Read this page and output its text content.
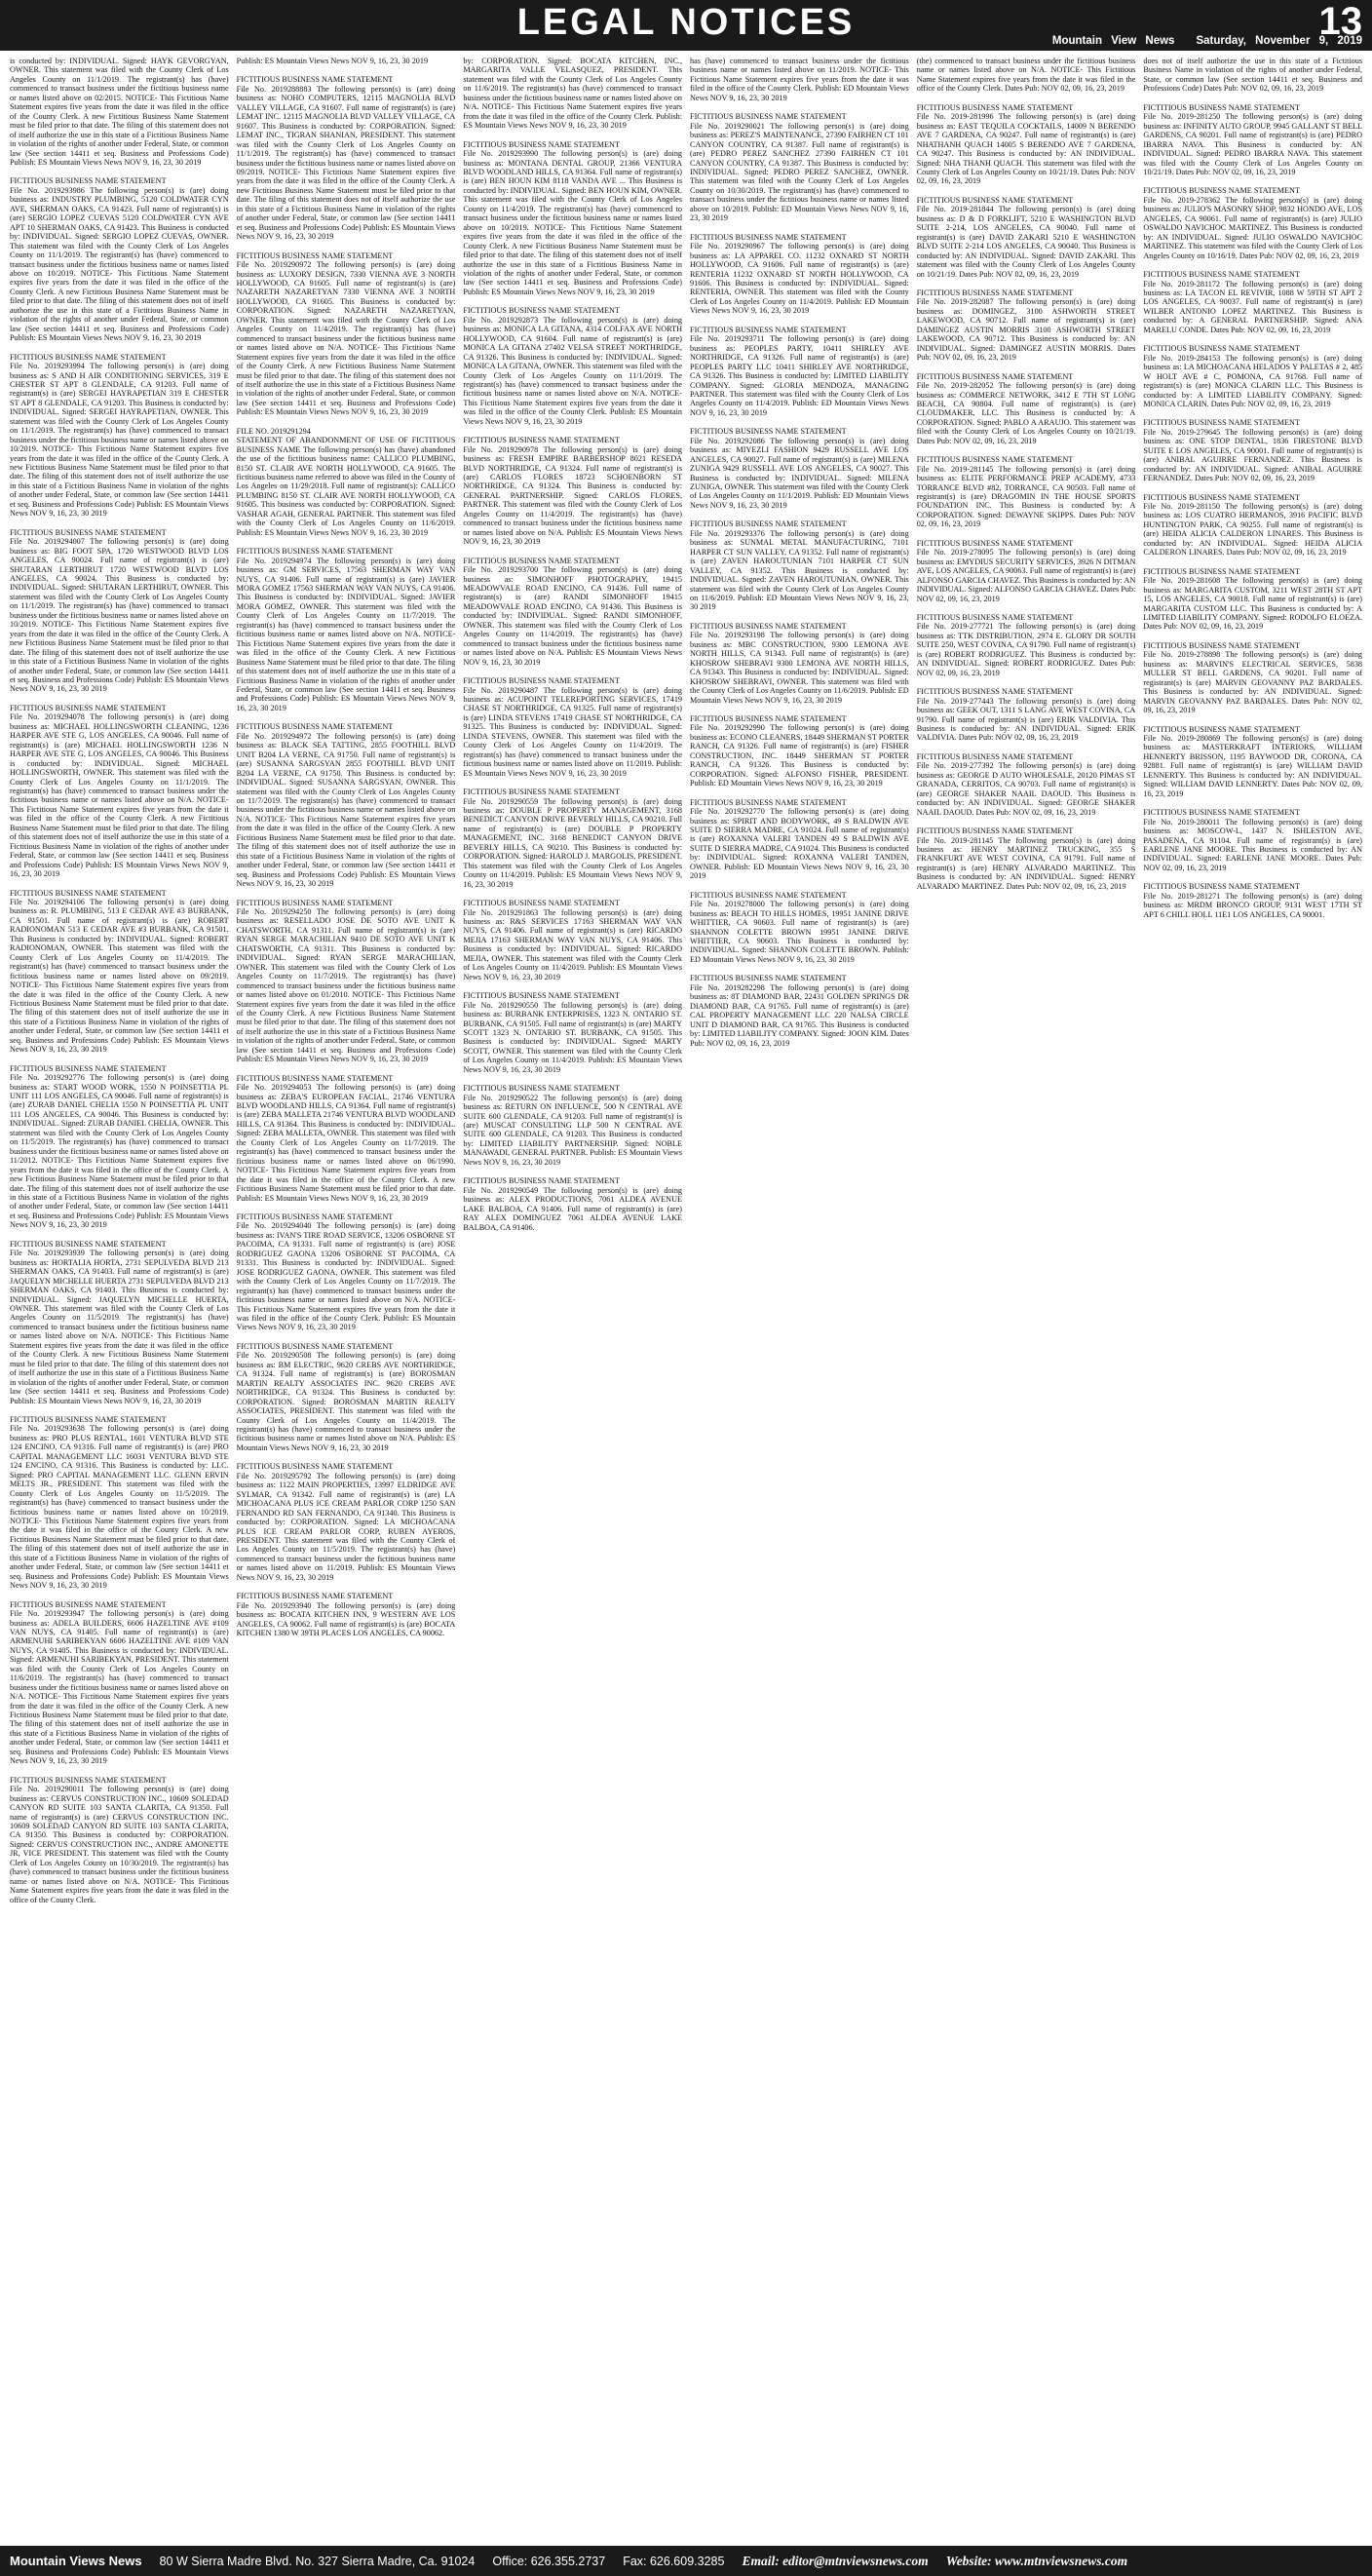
LEGAL NOTICES	13
Mountain View News Saturday, November 9, 2019

is conducted by: INDIVIDUAL. Signed: HAYK GEVORGYAN, OWNER. This statement was filed with the County Clerk of Los Angeles County on 11/1/2019. The registrant(s) has (have) commenced to transact business under the fictitious business name or names listed above on 02/2015. NOTICE- This Fictitious Name Statement expires five years from the date it was filed in the office of the County Clerk. A new Fictitious Business Name Statement must be filed prior to that date. The filing of this statement does not of itself authorize the use in this state of a Fictitious Business Name in violation of the rights of another under Federal, State, or common law (See section 14411 et seq. Business and Professions Code) Publish: ES Mountain Views News NOV 9, 16, 23, 30 2019

FICTITIOUS BUSINESS NAME STATEMENT

File No. 2019293986 The following person(s) is (are) doing business as: INDUSTRY PLUMBING, 5120 COLDWATER CYN AVE, SHERMAN OAKS, CA 91423. Full name of registrant(s) is (are) SERGIO LOPEZ CUEVAS 5120 COLDWATER CYN AVE APT 10 SHERMAN OAKS, CA 91423. This Business is conducted by: INDIVIDUAL. Signed: SERGIO LOPEZ CUEVAS, OWNER. This statement was filed with the County Clerk of Los Angeles County on 11/1/2019. The registrant(s) has (have) commenced to transact business under the fictitious business name or names listed above on 10/2019. NOTICE- This Fictitious Name Statement expires five years from the date it was filed in the office of the County Clerk. A new Fictitious Business Name Statement must be filed prior to that date. The filing of this statement does not of itself authorize the use in this state of a Fictitious Business Name in violation of the rights of another under Federal, State, or common law (See section 14411 et seq. Business and Professions Code) Publish: ES Mountain Views News NOV 9, 16, 23, 30 2019

FICTITIOUS BUSINESS NAME STATEMENT

File No. 2019293994 The following person(s) is (are) doing business as: S AND H AIR CONDITIONING SERVICES, 319 E CHESTER ST APT 8 GLENDALE, CA 91203. Full name of registrant(s) is (are) SERGEI HAYRAPETIAN 319 E CHESTER ST APT 8 GLENDALE, CA 91203. This Business is conducted by: INDIVIDUAL. Signed: SERGEI HAYRAPETIAN, OWNER. This statement was filed with the County Clerk of Los Angeles County on 11/1/2019. The registrant(s) has (have) commenced to transact business under the fictitious business name or names listed above on 10/2019. NOTICE- This Fictitious Name Statement expires five years from the date it was filed in the office of the County Clerk. A new Fictitious Business Name Statement must be filed prior to that date. The filing of this statement does not of itself authorize the use in this state of a Fictitious Business Name in violation of the rights of another under Federal, State, or common law (See section 14411 et seq. Business and Professions Code) Publish: ES Mountain Views News NOV 9, 16, 23, 30 2019

FICTITIOUS BUSINESS NAME STATEMENT

File No. 2019294007 The following person(s) is (are) doing business as: BIG FOOT SPA, 1720 WESTWOOD BLVD LOS ANGELES, CA 90024. Full name of registrant(s) is (are) SHUTARAN LERTHIRUT 1720 WESTWOOD BLVD LOS ANGELES, CA 90024. This Business is conducted by: INDIVIDUAL. Signed: SHUTARAN LERTHIRUT, OWNER. This statement was filed with the County Clerk of Los Angeles County on 11/1/2019. The registrant(s) has (have) commenced to transact business under the fictitious business name or names listed above on 10/2019. NOTICE- This Fictitious Name Statement expires five years from the date it was filed in the office of the County Clerk. A new Fictitious Business Name Statement must be filed prior to that date. The filing of this statement does not of itself authorize the use in this state of a Fictitious Business Name in violation of the rights of another under Federal, State, or common law (See section 14411 et seq. Business and Professions Code) Publish: ES Mountain Views News NOV 9, 16, 23, 30 2019

FICTITIOUS BUSINESS NAME STATEMENT

File No. 2019294078 The following person(s) is (are) doing business as: MICHAEL HOLLINGSWORTH CLEANING, 1236 HARPER AVE STE G, LOS ANGELES, CA 90046. Full name of registrant(s) is (are) MICHAEL HOLLINGSWORTH 1236 N HARPER AVE STE G, LOS ANGELES, CA 90046. This Business is conducted by: INDIVIDUAL. Signed: MICHAEL HOLLINGSWORTH, OWNER. This statement was filed with the County Clerk of Los Angeles County on 11/1/2019. The registrant(s) has (have) commenced to transact business under the fictitious business name or names listed above on N/A. NOTICE- This Fictitious Name Statement expires five years from the date it was filed in the office of the County Clerk. A new Fictitious Business Name Statement must be filed prior to that date. The filing of this statement does not of itself authorize the use in this state of a Fictitious Business Name in violation of the rights of another under Federal, State, or common law (See section 14411 et seq. Business and Professions Code) Publish: ES Mountain Views News NOV 9, 16, 23, 30 2019

FICTITIOUS BUSINESS NAME STATEMENT

File No. 2019294106 The following person(s) is (are) doing business as: R. PLUMBING, 513 E CEDAR AVE #3 BURBANK, CA 91501. Full name of registrant(s) is (are) ROBERT RADIONOMAN 513 E CEDAR AVE #3 BURBANK, CA 91501. This Business is conducted by: INDIVIDUAL. Signed: ROBERT RADIONOMAN, OWNER. This statement was filed with the County Clerk of Los Angeles County on 11/4/2019. The registrant(s) has (have) commenced to transact business under the fictitious business name or names listed above on 09/2019. NOTICE- This Fictitious Name Statement expires five years from the date it was filed in the office of the County Clerk. A new Fictitious Business Name Statement must be filed prior to that date. The filing of this statement does not of itself authorize the use in this state of a Fictitious Business Name in violation of the rights of another under Federal, State, or common law (See section 14411 et seq. Business and Professions Code) Publish: ES Mountain Views News NOV 9, 16, 23, 30 2019

FICTITIOUS BUSINESS NAME STATEMENT

File No. 2019292776 The following person(s) is (are) doing business as: START WOOD WORK, 1550 N POINSETTIA PL UNIT 111 LOS ANGELES, CA 90046. Full name of registrant(s) is (are) ZURAB DANIEL CHELIA 1550 N POINSETTIA PL UNIT 111 LOS ANGELES, CA 90046. This Business is conducted by: INDIVIDUAL. Signed: ZURAB DANIEL CHELIA, OWNER. This statement was filed with the County Clerk of Los Angeles County on 11/5/2019. The registrant(s) has (have) commenced to transact business under the fictitious business name or names listed above on 11/2012. NOTICE- This Fictitious Name Statement expires five years from the date it was filed in the office of the County Clerk. A new Fictitious Business Name Statement must be filed prior to that date. The filing of this statement does not of itself authorize the use in this state of a Fictitious Business Name in violation of the rights of another under Federal, State, or common law (See section 14411 et seq. Business and Professions Code) Publish: ES Mountain Views News NOV 9, 16, 23, 30 2019

FICTITIOUS BUSINESS NAME STATEMENT

File No. 2019293939 The following person(s) is (are) doing business as: HORTALIA HORTA, 2731 SEPULVEDA BLVD 213 SHERMAN OAKS, CA 91403. Full name of registrant(s) is (are) JAQUELYN MICHELLE HUERTA 2731 SEPULVEDA BLVD 213 SHERMAN OAKS, CA 91403. This Business is conducted by: INDIVIDUAL. Signed: JAQUELYN MICHELLE HUERTA, OWNER. This statement was filed with the County Clerk of Los Angeles County on 11/5/2019. The registrant(s) has (have) commenced to transact business under the fictitious business name or names listed above on N/A. NOTICE- This Fictitious Name Statement expires five years from the date it was filed in the office of the County Clerk. A new Fictitious Business Name Statement must be filed prior to that date. The filing of this statement does not of itself authorize the use in this state of a Fictitious Business Name in violation of the rights of another under Federal, State, or common law (See section 14411 et seq. Business and Professions Code) Publish: ES Mountain Views News NOV 9, 16, 23, 30 2019

FICTITIOUS BUSINESS NAME STATEMENT

File No. 2019293638 The following person(s) is (are) doing business as: PRO PLUS RENTAL, 1601 VENTURA BLVD STE 124 ENCINO, CA 91316. Full name of registrant(s) is (are) PRO CAPITAL MANAGEMENT LLC 16031 VENTURA BLVD STE 124 ENCINO, CA 91316. This Business is conducted by: LLC. Signed: PRO CAPITAL MANAGEMENT LLC. GLENN ERVIN MELTS JR., PRESIDENT. This statement was filed with the County Clerk of Los Angeles County on 11/5/2019. The registrant(s) has (have) commenced to transact business under the fictitious business name or names listed above on 10/2019. NOTICE- This Fictitious Name Statement expires five years from the date it was filed in the office of the County Clerk. A new Fictitious Business Name Statement must be filed prior to that date. The filing of this statement does not of itself authorize the use in this state of a Fictitious Business Name in violation of the rights of another under Federal, State, or common law (See section 14411 et seq. Business and Professions Code) Publish: ES Mountain Views News NOV 9, 16, 23, 30 2019

FICTITIOUS BUSINESS NAME STATEMENT

File No. 2019293947 The following person(s) is (are) doing business as: ADELA BUILDERS, 6606 HAZELTINE AVE #109 VAN NUYS, CA 91405. Full name of registrant(s) is (are) ARMENUHI SARIBEKYAN 6606 HAZELTINE AVE #109 VAN NUYS, CA 91405. This Business is conducted by: INDIVIDUAL. Signed: ARMENUHI SARIBEKYAN, PRESIDENT. This statement was filed with the County Clerk of Los Angeles County on 11/6/2019. The registrant(s) has (have) commenced to transact business under the fictitious business name or names listed above on N/A. NOTICE- This Fictitious Name Statement expires five years from the date it was filed in the office of the County Clerk. A new Fictitious Business Name Statement must be filed prior to that date. The filing of this statement does not of itself authorize the use in this state of a Fictitious Business Name in violation of the rights of another under Federal, State, or common law (See section 14411 et seq. Business and Professions Code) Publish: ES Mountain Views News NOV 9, 16, 23, 30 2019

FICTITIOUS BUSINESS NAME STATEMENT

File No. 2019290011 The following person(s) is (are) doing business as: CERVUS CONSTRUCTION INC., 10609 SOLEDAD CANYON RD SUITE 103 SANTA CLARITA, CA 91350. Full name of registrant(s) is (are) CERVUS CONSTRUCTION INC. 10609 SOLEDAD CANYON RD SUITE 103 SANTA CLARITA, CA 91350. This Business is conducted by: CORPORATION. Signed: CERVUS CONSTRUCTION INC., ANDRE AMONETTE JR, VICE PRESIDENT. This statement was filed with the County Clerk of Los Angeles County on 10/30/2019. The registrant(s) has (have) commenced to transact business under the fictitious business name or names listed above on N/A. NOTICE- This Fictitious Name Statement expires five years from the date it was filed in the office of the County Clerk.

Publish: ES Mountain Views News NOV 9, 16, 23, 30 2019

FICTITIOUS BUSINESS NAME STATEMENT

File No. 2019288883 The following person(s) is (are) doing business as: NOHO COMPUTERS, 12115 MAGNOLIA BLVD VALLEY VILLAGE, CA 91607. Full name of registrant(s) is (are) LEMAT INC. 12115 MAGNOLIA BLVD VALLEY VILLAGE, CA 91607. This Business is conducted by: CORPORATION. Signed: LEMAT INC., TIGRAN SHANIAN, PRESIDENT. This statement was filed with the County Clerk of Los Angeles County on 11/1/2019. The registrant(s) has (have) commenced to transact business under the fictitious business name or names listed above on 09/2019. NOTICE- This Fictitious Name Statement expires five years from the date it was filed in the office of the County Clerk. A new Fictitious Business Name Statement must be filed prior to that date. The filing of this statement does not of itself authorize the use in this state of a Fictitious Business Name in violation of the rights of another under Federal, State, or common law (See section 14411 et seq. Business and Professions Code) Publish: ES Mountain Views News NOV 9, 16, 23, 30 2019

FICTITIOUS BUSINESS NAME STATEMENT

File No. 2019290972 The following person(s) is (are) doing business as: LUXORY DESIGN, 7330 VIENNA AVE 3 NORTH HOLLYWOOD, CA 91605. Full name of registrant(s) is (are) NAZARETH NAZARETYAN 7330 VIENNA AVE 3 NORTH HOLLYWOOD, CA 91605. This Business is conducted by: CORPORATION. Signed: NAZARETH NAZARETYAN, OWNER. This statement was filed with the County Clerk of Los Angeles County on 11/4/2019. The registrant(s) has (have) commenced to transact business under the fictitious business name or names listed above on N/A. NOTICE- This Fictitious Name Statement expires five years from the date it was filed in the office of the County Clerk. A new Fictitious Business Name Statement must be filed prior to that date. The filing of this statement does not of itself authorize the use in this state of a Fictitious Business Name in violation of the rights of another under Federal, State, or common law (See section 14411 et seq. Business and Professions Code) Publish: ES Mountain Views News NOV 9, 16, 23, 30 2019

FILE NO. 2019291294

STATEMENT OF ABANDONMENT OF USE OF FICTITIOUS BUSINESS NAME The following person(s) has (have) abandoned the use of the fictitious business name: CALLICO PLUMBING, 8150 ST. CLAIR AVE NORTH HOLLYWOOD, CA 91605. The fictitious business name referred to above was filed in the County of Los Angeles on 11/29/2018. Full name of registrant(s): CALLICO PLUMBING 8150 ST. CLAIR AVE NORTH HOLLYWOOD, CA 91605. This business was conducted by: CORPORATION. Signed: VASHAR AGAH, GENERAL PARTNER. This statement was filed with the County Clerk of Los Angeles County on 11/6/2019. Publish: ES Mountain Views News NOV 9, 16, 23, 30 2019

FICTITIOUS BUSINESS NAME STATEMENT

File No. 2019294974 The following person(s) is (are) doing business as: GM SERVICES, 17563 SHERMAN WAY VAN NUYS, CA 91406. Full name of registrant(s) is (are) JAVIER MORA GOMEZ 17563 SHERMAN WAY VAN NUYS, CA 91406. This Business is conducted by: INDIVIDUAL. Signed: JAVIER MORA GOMEZ, OWNER. This statement was filed with the County Clerk of Los Angeles County on 11/7/2019. The registrant(s) has (have) commenced to transact business under the fictitious business name or names listed above on N/A. NOTICE- This Fictitious Name Statement expires five years from the date it was filed in the office of the County Clerk. A new Fictitious Business Name Statement must be filed prior to that date. The filing of this statement does not of itself authorize the use in this state of a Fictitious Business Name in violation of the rights of another under Federal, State, or common law (See section 14411 et seq. Business and Professions Code) Publish: ES Mountain Views News NOV 9, 16, 23, 30 2019

FICTITIOUS BUSINESS NAME STATEMENT

File No. 2019294972 The following person(s) is (are) doing business as: BLACK SEA TATTING, 2855 FOOTHILL BLVD UNIT B204 LA VERNE, CA 91750. Full name of registrant(s) is (are) SUSANNA SARGSYAN 2855 FOOTHILL BLVD UNIT B204 LA VERNE, CA 91750. This Business is conducted by: INDIVIDUAL. Signed: SUSANNA SARGSYAN, OWNER. This statement was filed with the County Clerk of Los Angeles County on 11/7/2019. The registrant(s) has (have) commenced to transact business under the fictitious business name or names listed above on N/A. NOTICE- This Fictitious Name Statement expires five years from the date it was filed in the office of the County Clerk. A new Fictitious Business Name Statement must be filed prior to that date. The filing of this statement does not of itself authorize the use in this state of a Fictitious Business Name in violation of the rights of another under Federal, State, or common law (See section 14411 et seq. Business and Professions Code) Publish: ES Mountain Views News NOV 9, 16, 23, 30 2019

FICTITIOUS BUSINESS NAME STATEMENT

File No. 2019294250 The following person(s) is (are) doing business as: RESELLADO JOSE DE SOTO AVE UNIT K CHATSWORTH, CA 91311. Full name of registrant(s) is (are) RYAN SERGE MARACHILIAN 9410 DE SOTO AVE UNIT K CHATSWORTH, CA 91311. This Business is conducted by: INDIVIDUAL. Signed: RYAN SERGE MARACHILIAN, OWNER. This statement was filed with the County Clerk of Los Angeles County on 11/7/2019. The registrant(s) has (have) commenced to transact business under the fictitious business name or names listed above on 01/2010. NOTICE- This Fictitious Name Statement expires five years from the date it was filed in the office of the County Clerk. A new Fictitious Business Name Statement must be filed prior to that date. The filing of this statement does not of itself authorize the use in this state of a Fictitious Business Name in violation of the rights of another under Federal, State, or common law (See section 14411 et seq. Business and Professions Code) Publish: ES Mountain Views News NOV 9, 16, 23, 30 2019

FICTITIOUS BUSINESS NAME STATEMENT

File No. 2019294053 The following person(s) is (are) doing business as: ZEBA'S EUROPEAN FACIAL, 21746 VENTURA BLVD WOODLAND HILLS, CA 91364. Full name of registrant(s) is (are) ZEBA MALLETA 21746 VENTURA BLVD WOODLAND HILLS, CA 91364. This Business is conducted by: INDIVIDUAL. Signed: ZEBA MALLETA, OWNER. This statement was filed with the County Clerk of Los Angeles County on 11/7/2019. The registrant(s) has (have) commenced to transact business under the fictitious business name or names listed above on 06/1990. NOTICE- This Fictitious Name Statement expires five years from the date it was filed in the office of the County Clerk. A new Fictitious Business Name Statement must be filed prior to that date. Publish: ES Mountain Views News NOV 9, 16, 23, 30 2019

FICTITIOUS BUSINESS NAME STATEMENT

File No. 2019294040 The following person(s) is (are) doing business as: IVAN'S TIRE ROAD SERVICE, 13206 OSBORNE ST PACOIMA, CA 91331. Full name of registrant(s) is (are) JOSE RODRIGUEZ GAONA 13206 OSBORNE ST PACOIMA, CA 91331. This Business is conducted by: INDIVIDUAL. Signed: JOSE RODRIGUEZ GAONA, OWNER. This statement was filed with the County Clerk of Los Angeles County on 11/7/2019. The registrant(s) has (have) commenced to transact business under the fictitious business name or names listed above on N/A. NOTICE- This Fictitious Name Statement expires five years from the date it was filed in the office of the County Clerk. Publish: ES Mountain Views News NOV 9, 16, 23, 30 2019

FICTITIOUS BUSINESS NAME STATEMENT

File No. 2019290508 The following person(s) is (are) doing business as: BM ELECTRIC, 9620 CREBS AVE NORTHRIDGE, CA 91324. Full name of registrant(s) is (are) BOROSMAN MARTIN REALTY ASSOCIATES INC. 9620 CREBS AVE NORTHRIDGE, CA 91324. This Business is conducted by: CORPORATION. Signed: BOROSMAN MARTIN REALTY ASSOCIATES, PRESIDENT. This statement was filed with the County Clerk of Los Angeles County on 11/4/2019. The registrant(s) has (have) commenced to transact business under the fictitious business name or names listed above on N/A. Publish: ES Mountain Views News NOV 9, 16, 23, 30 2019

FICTITIOUS BUSINESS NAME STATEMENT

File No. 2019295792 The following person(s) is (are) doing business as: 1122 MAIN PROPERTIES, 13997 ELDRIDGE AVE SYLMAR, CA 91342. Full name of registrant(s) is (are) LA MICHOACANA PLUS ICE CREAM PARLOR CORP 1250 SAN FERNANDO RD SAN FERNANDO, CA 91340. This Business is conducted by: CORPORATION. Signed: LA MICHOACANA PLUS ICE CREAM PARLOR CORP, RUBEN AYEROS, PRESIDENT. This statement was filed with the County Clerk of Los Angeles County on 11/5/2019. The registrant(s) has (have) commenced to transact business under the fictitious business name or names listed above on 11/2019. Publish: ES Mountain Views News NOV 9, 16, 23, 30 2019

FICTITIOUS BUSINESS NAME STATEMENT

File No. 2019293940 The following person(s) is (are) doing business as: BOCATA KITCHEN INN, 9 WESTERN AVE LOS ANGELES, CA 90062. Full name of registrant(s) is (are) BOCATA KITCHEN 1380 W 39TH PLACES LOS ANGELES, CA 90062.

by: CORPORATION. Signed: BOCATA KITCHEN, INC., MARGARITA VALLE VELASQUEZ, PRESIDENT. This statement was filed with the County Clerk of Los Angeles County on 11/6/2019. The registrant(s) has (have) commenced to transact business under the fictitious business name or names listed above on N/A. NOTICE- This Fictitious Name Statement expires five years from the date it was filed in the office of the County Clerk. Publish: ES Mountain Views News NOV 9, 16, 23, 30 2019

FICTITIOUS BUSINESS NAME STATEMENT

File No. 2019293990 The following person(s) is (are) doing business as: MONTANA DENTAL GROUP, 21366 VENTURA BLVD WOODLAND HILLS, CA 91364. Full name of registrant(s) is (are) BEN HOUN KIM 8118 VANDA AVE ... This Business is conducted by: INDIVIDUAL. Signed: BEN HOUN KIM, OWNER. This statement was filed with the County Clerk of Los Angeles County on 11/4/2019. The registrant(s) has (have) commenced to transact business under the fictitious business name or names listed above on 10/2019. NOTICE- This Fictitious Name Statement expires five years from the date it was filed in the office of the County Clerk. A new Fictitious Business Name Statement must be filed prior to that date. The filing of this statement does not of itself authorize the use in this state of a Fictitious Business Name in violation of the rights of another under Federal, State, or common law (See section 14411 et seq. Business and Professions Code) Publish: ES Mountain Views News NOV 9, 16, 23, 30 2019

FICTITIOUS BUSINESS NAME STATEMENT

File No. 2019292873 The following person(s) is (are) doing business as: MONICA LA GITANA, 4314 COLFAX AVE NORTH HOLLYWOOD, CA 91604. Full name of registrant(s) is (are) MONICA LA GITANA 27402 VELSA STREET NORTHRIDGE, CA 91326. This Business is conducted by: INDIVIDUAL. Signed: MONICA LA GITANA, OWNER. This statement was filed with the County Clerk of Los Angeles County on 11/1/2019. The registrant(s) has (have) commenced to transact business under the fictitious business name or names listed above on N/A. NOTICE- This Fictitious Name Statement expires five years from the date it was filed in the office of the County Clerk. Publish: ES Mountain Views News NOV 9, 16, 23, 30 2019

FICTITIOUS BUSINESS NAME STATEMENT

File No. 2019290978 The following person(s) is (are) doing business as: FRESH EMPIRE BARBERSHOP 8021 RESEDA BLVD NORTHRIDGE, CA 91324. Full name of registrant(s) is (are) CARLOS FLORES 18723 SCHOENBORN ST NORTHRIDGE, CA 91324. This Business is conducted by: GENERAL PARTNERSHIP. Signed: CARLOS FLORES, PARTNER. This statement was filed with the County Clerk of Los Angeles County on 11/4/2019. The registrant(s) has (have) commenced to transact business under the fictitious business name or names listed above on N/A. Publish: ES Mountain Views News NOV 9, 16, 23, 30 2019

FICTITIOUS BUSINESS NAME STATEMENT

File No. 2019293700 The following person(s) is (are) doing business as: SIMONHOFF PHOTOGRAPHY, 19415 MEADOWVALE ROAD ENCINO, CA 91436. Full name of registrant(s) is (are) RANDI SIMONHOFF 19415 MEADOWVALE ROAD ENCINO, CA 91436. This Business is conducted by: INDIVIDUAL. Signed: RANDI SIMONHOFF, OWNER. This statement was filed with the County Clerk of Los Angeles County on 11/4/2019. The registrant(s) has (have) commenced to transact business under the fictitious business name or names listed above on N/A. Publish: ES Mountain Views News NOV 9, 16, 23, 30 2019

FICTITIOUS BUSINESS NAME STATEMENT

File No. 2019290487 The following person(s) is (are) doing business as: ACUPOINT TELEREPORTING SERVICES, 17419 CHASE ST NORTHRIDGE, CA 91325. Full name of registrant(s) is (are) LINDA STEVENS 17419 CHASE ST NORTHRIDGE, CA 91325. This Business is conducted by: INDIVIDUAL. Signed: LINDA STEVENS, OWNER. This statement was filed with the County Clerk of Los Angeles County on 11/4/2019. The registrant(s) has (have) commenced to transact business under the fictitious business name or names listed above on 11/2019. Publish: ES Mountain Views News NOV 9, 16, 23, 30 2019

FICTITIOUS BUSINESS NAME STATEMENT

File No. 2019290559 The following person(s) is (are) doing business as: DOUBLE P PROPERTY MANAGEMENT, 3168 BENEDICT CANYON DRIVE BEVERLY HILLS, CA 90210. Full name of registrant(s) is (are) DOUBLE P PROPERTY MANAGEMENT, INC. 3168 BENEDICT CANYON DRIVE BEVERLY HILLS, CA 90210. This Business is conducted by: CORPORATION. Signed: HAROLD J. MARGOLIS, PRESIDENT. This statement was filed with the County Clerk of Los Angeles County on 11/4/2019. Publish: ES Mountain Views News NOV 9, 16, 23, 30 2019

FICTITIOUS BUSINESS NAME STATEMENT

File No. 2019291863 The following person(s) is (are) doing business as: R&S SERVICES 17163 SHERMAN WAY VAN NUYS, CA 91406. Full name of registrant(s) is (are) RICARDO MEJIA 17163 SHERMAN WAY VAN NUYS, CA 91406. This Business is conducted by: INDIVIDUAL. Signed: RICARDO MEJIA, OWNER. This statement was filed with the County Clerk of Los Angeles County on 11/4/2019. Publish: ES Mountain Views News NOV 9, 16, 23, 30 2019

FICTITIOUS BUSINESS NAME STATEMENT

File No. 2019290550 The following person(s) is (are) doing business as: BURBANK ENTERPRISES, 1323 N. ONTARIO ST. BURBANK, CA 91505. Full name of registrant(s) is (are) MARTY SCOTT 1323 N. ONTARIO ST. BURBANK, CA 91505. This Business is conducted by: INDIVIDUAL. Signed: MARTY SCOTT, OWNER. This statement was filed with the County Clerk of Los Angeles County on 11/4/2019. Publish: ES Mountain Views News NOV 9, 16, 23, 30 2019

FICTITIOUS BUSINESS NAME STATEMENT

File No. 2019290522 The following person(s) is (are) doing business as: RETURN ON INFLUENCE, 500 N CENTRAL AVE SUITE 600 GLENDALE, CA 91203. Full name of registrant(s) is (are) MUSCAT CONSULTING LLP 500 N CENTRAL AVE SUITE 600 GLENDALE, CA 91203. This Business is conducted by: LIMITED LIABILITY PARTNERSHIP. Signed: NOBLE MANAWADI, GENERAL PARTNER. Publish: ES Mountain Views News NOV 9, 16, 23, 30 2019

FICTITIOUS BUSINESS NAME STATEMENT

File No. 2019290549 The following person(s) is (are) doing business as: ALEX PRODUCTIONS, 7061 ALDEA AVENUE LAKE BALBOA, CA 91406. Full name of registrant(s) is (are) RAY ALEX DOMINGUEZ 7061 ALDEA AVENUE LAKE BALBOA, CA 91406.

has (have) commenced to transact business under the fictitious business name or names listed above on 11/2019. NOTICE- This Fictitious Name Statement expires five years from the date it was filed in the office of the County Clerk. Publish: ED Mountain Views News NOV 9, 16, 23, 30 2019

FICTITIOUS BUSINESS NAME STATEMENT

File No. 2019290021 The following person(s) is (are) doing business as: PEREZ'S MAINTENANCE, 27390 FAIRHEN CT 101 CANYON COUNTRY, CA 91387. Full name of registrant(s) is (are) PEDRO PEREZ SANCHEZ 27390 FAIRHEN CT 101 CANYON COUNTRY, CA 91387. This Business is conducted by: INDIVIDUAL. Signed: PEDRO PEREZ SANCHEZ, OWNER. This statement was filed with the County Clerk of Los Angeles County on 10/30/2019. The registrant(s) has (have) commenced to transact business under the fictitious business name or names listed above on 10/2019. Publish: ED Mountain Views News NOV 9, 16, 23, 30 2019

FICTITIOUS BUSINESS NAME STATEMENT

File No. 2019290967 The following person(s) is (are) doing business as: LA APPAREL CO. 11232 OXNARD ST NORTH HOLLYWOOD, CA 91606. Full name of registrant(s) is (are) RENTERIA 11232 OXNARD ST NORTH HOLLYWOOD, CA 91606. This Business is conducted by: INDIVIDUAL. Signed: RENTERIA, OWNER. This statement was filed with the County Clerk of Los Angeles County on 11/4/2019. Publish: ED Mountain Views News NOV 9, 16, 23, 30 2019

FICTITIOUS BUSINESS NAME STATEMENT

File No. 2019293711 The following person(s) is (are) doing business as: PEOPLES PARTY, 10411 SHIRLEY AVE NORTHRIDGE, CA 91326. Full name of registrant(s) is (are) PEOPLES PARTY LLC 10411 SHIRLEY AVE NORTHRIDGE, CA 91326. This Business is conducted by: LIMITED LIABILITY COMPANY. Signed: GLORIA MENDOZA, MANAGING PARTNER. This statement was filed with the County Clerk of Los Angeles County on 11/4/2019. Publish: ED Mountain Views News NOV 9, 16, 23, 30 2019

FICTITIOUS BUSINESS NAME STATEMENT

File No. 2019292086 The following person(s) is (are) doing business as: MIYEZLI FASHION 9429 RUSSELL AVE LOS ANGELES, CA 90027. Full name of registrant(s) is (are) MILENA ZUNIGA 9429 RUSSELL AVE LOS ANGELES, CA 90027. This Business is conducted by: INDIVIDUAL. Signed: MILENA ZUNIGA, OWNER. This statement was filed with the County Clerk of Los Angeles County on 11/1/2019. Publish: ED Mountain Views News NOV 9, 16, 23, 30 2019

FICTITIOUS BUSINESS NAME STATEMENT

File No. 2019293376 The following person(s) is (are) doing business as: SUNMAL METAL MANUFACTURING, 7101 HARPER CT SUN VALLEY, CA 91352. Full name of registrant(s) is (are) ZAVEN HAROUTUNIAN 7101 HARPER CT SUN VALLEY, CA 91352. This Business is conducted by: INDIVIDUAL. Signed: ZAVEN HAROUTUNIAN, OWNER. This statement was filed with the County Clerk of Los Angeles County on 11/6/2019. Publish: ED Mountain Views News NOV 9, 16, 23, 30 2019

FICTITIOUS BUSINESS NAME STATEMENT

File No. 2019293198 The following person(s) is (are) doing business as: MBC CONSTRUCTION, 9300 LEMONA AVE NORTH HILLS, CA 91343. Full name of registrant(s) is (are) KHOSROW SHEBRAVI 9300 LEMONA AVE NORTH HILLS, CA 91343. This Business is conducted by: INDIVIDUAL. Signed: KHOSROW SHEBRAVI, OWNER. This statement was filed with the County Clerk of Los Angeles County on 11/6/2019. Publish: ED Mountain Views News NOV 9, 16, 23, 30 2019

FICTITIOUS BUSINESS NAME STATEMENT

File No. 2019292990 The following person(s) is (are) doing business as: ECONO CLEANERS, 18449 SHERMAN ST PORTER RANCH, CA 91326. Full name of registrant(s) is (are) FISHER CONSTRUCTION, INC. 18449 SHERMAN ST PORTER RANCH, CA 91326. This Business is conducted by: CORPORATION. Signed: ALFONSO FISHER, PRESIDENT. Publish: ED Mountain Views News NOV 9, 16, 23, 30 2019

FICTITIOUS BUSINESS NAME STATEMENT

File No. 2019292770 The following person(s) is (are) doing business as: SPIRIT AND BODYWORK, 49 S BALDWIN AVE SUITE D SIERRA MADRE, CA 91024. Full name of registrant(s) is (are) ROXANNA VALERI TANDEN 49 S BALDWIN AVE SUITE D SIERRA MADRE, CA 91024. This Business is conducted by: INDIVIDUAL. Signed: ROXANNA VALERI TANDEN, OWNER. Publish: ED Mountain Views News NOV 9, 16, 23, 30 2019

FICTITIOUS BUSINESS NAME STATEMENT

File No. 2019278000 The following person(s) is (are) doing business as: BEACH TO HILLS HOMES, 19951 JANINE DRIVE WHITTIER, CA 90603. Full name of registrant(s) is (are) SHANNON COLETTE BROWN 19951 JANINE DRIVE WHITTIER, CA 90603. This Business is conducted by: INDIVIDUAL. Signed: SHANNON COLETTE BROWN. Publish: ED Mountain Views News NOV 9, 16, 23, 30 2019

FICTITIOUS BUSINESS NAME STATEMENT

File No. 2019282298 The following person(s) is (are) doing business as: 8T DIAMOND BAR, 22431 GOLDEN SPRINGS DR DIAMOND BAR, CA 91765. Full name of registrant(s) is (are) CAL PROPERTY MANAGEMENT LLC 220 NALSA CIRCLE UNIT D DIAMOND BAR, CA 91765. This Business is conducted by: LIMITED LIABILITY COMPANY. Signed: JOON KIM. Dates Pub: NOV 02, 09, 16, 23, 2019

(the) commenced to transact business under the fictitious business name or names listed above on N/A. NOTICE- This Fictitious Name Statement expires five years from the date it was filed in the office of the County Clerk. Dates Pub: NOV 02, 09, 16, 23, 2019

FICTITIOUS BUSINESS NAME STATEMENT

File No. 2019-281996 The following person(s) is (are) doing business as: EAST TEQUILA COCKTAILS, 14009 N BERENDO AVE 7 GARDENA, CA 90247. Full name of registrant(s) is (are) NHATHANH QUACH 14005 S BERENDO AVE 7 GARDENA, CA 90247. This Business is conducted by: AN INDIVIDUAL. Signed: NHA THANH QUACH. This statement was filed with the County Clerk of Los Angeles County on 10/21/19. Dates Pub: NOV 02, 09, 16, 23, 2019

FICTITIOUS BUSINESS NAME STATEMENT

File No. 2019-281844 The following person(s) is (are) doing business as: D & D FORKLIFT, 5210 E WASHINGTON BLVD SUITE 2-214, LOS ANGELES, CA 90040. Full name of registrant(s) is (are) DAVID ZAKARI 5210 E WASHINGTON BLVD SUITE 2-214 LOS ANGELES, CA 90040. This Business is conducted by: AN INDIVIDUAL. Signed: DAVID ZAKARI. This statement was filed with the County Clerk of Los Angeles County on 10/21/19. Dates Pub: NOV 02, 09, 16, 23, 2019

FICTITIOUS BUSINESS NAME STATEMENT

File No. 2019-282087 The following person(s) is (are) doing business as: DOMINGEZ, 3100 ASHWORTH STREET LAKEWOOD, CA 90712. Full name of registrant(s) is (are) DAMINGEZ AUSTIN MORRIS 3100 ASHWORTH STREET LAKEWOOD, CA 90712. This Business is conducted by: AN INDIVIDUAL. Signed: DAMINGEZ AUSTIN MORRIS. Dates Pub: NOV 02, 09, 16, 23, 2019

FICTITIOUS BUSINESS NAME STATEMENT

File No. 2019-282052 The following person(s) is (are) doing business as: COMMERCE NETWORK, 3412 E 7TH ST LONG BEACH, CA 90804. Full name of registrant(s) is (are) CLOUDMAKER, LLC. This Business is conducted by: A CORPORATION. Signed: PABLO A ARAUJO. This statement was filed with the County Clerk of Los Angeles County on 10/21/19. Dates Pub: NOV 02, 09, 16, 23, 2019

FICTITIOUS BUSINESS NAME STATEMENT

File No. 2019-281145 The following person(s) is (are) doing business as: ELITE PERFORMANCE PREP ACADEMY, 4733 TORRANCE BLVD #82, TORRANCE, CA 90503. Full name of registrant(s) is (are) DRAGOMIN IN THE HOUSE SPORTS FOUNDATION INC. This Business is conducted by: A CORPORATION. Signed: DEWAYNE SKIPPS. Dates Pub: NOV 02, 09, 16, 23, 2019

FICTITIOUS BUSINESS NAME STATEMENT

File No. 2019-278095 The following person(s) is (are) doing business as: EMYDIUS SECURITY SERVICES, 3926 N DITMAN AVE, LOS ANGELES, CA 90063. Full name of registrant(s) is (are) ALFONSO GARCIA CHAVEZ. This Business is conducted by: AN INDIVIDUAL. Signed: ALFONSO GARCIA CHAVEZ. Dates Pub: NOV 02, 09, 16, 23, 2019

FICTITIOUS BUSINESS NAME STATEMENT

File No. 2019-277721 The following person(s) is (are) doing business as: TTK DISTRIBUTION, 2974 E. GLORY DR SOUTH SUITE 250, WEST COVINA, CA 91790. Full name of registrant(s) is (are) ROBERT RODRIGUEZ. This Business is conducted by: AN INDIVIDUAL. Signed: ROBERT RODRIGUEZ. Dates Pub: NOV 02, 09, 16, 23, 2019

FICTITIOUS BUSINESS NAME STATEMENT

File No. 2019-277443 The following person(s) is (are) doing business as: GEEK OUT, 1311 S LANG AVE WEST COVINA, CA 91790. Full name of registrant(s) is (are) ERIK VALDIVIA. This Business is conducted by: AN INDIVIDUAL. Signed: ERIK VALDIVIA. Dates Pub: NOV 02, 09, 16, 23, 2019

FICTITIOUS BUSINESS NAME STATEMENT

File No. 2019-277392 The following person(s) is (are) doing business as: GEORGE D AUTO WHOLESALE, 20120 PIMAS ST GRANADA, CERRITOS, CA 90703. Full name of registrant(s) is (are) GEORGE SHAKER NAAIL DAOUD. This Business is conducted by: AN INDIVIDUAL. Signed: GEORGE SHAKER NAAIL DAOUD. Dates Pub: NOV 02, 09, 16, 23, 2019

FICTITIOUS BUSINESS NAME STATEMENT

File No. 2019-281145 The following person(s) is (are) doing business as: HENRY MARTINEZ TRUCKING, 355 S FRANKFURT AVE WEST COVINA, CA 91791. Full name of registrant(s) is (are) HENRY ALVARADO MARTINEZ. This Business is conducted by: AN INDIVIDUAL. Signed: HENRY ALVARADO MARTINEZ. Dates Pub: NOV 02, 09, 16, 23, 2019

does not of itself authorize the use in this state of a Fictitious Business Name in violation of the rights of another under Federal, State, or common law (See section 14411 et seq. Business and Professions Code) Dates Pub: NOV 02, 09, 16, 23, 2019

FICTITIOUS BUSINESS NAME STATEMENT

File No. 2019-281250 The following person(s) is (are) doing business as: INFINITY AUTO GROUP, 9945 GALLANT ST BELL GARDENS, CA 90201. Full name of registrant(s) is (are) PEDRO IBARRA NAVA. This Business is conducted by: AN INDIVIDUAL. Signed: PEDRO IBARRA NAVA. This statement was filed with the County Clerk of Los Angeles County on 10/21/19. Dates Pub: NOV 02, 09, 16, 23, 2019

FICTITIOUS BUSINESS NAME STATEMENT

File No. 2019-278362 The following person(s) is (are) doing business as: JULIO'S MASONRY SHOP, 9832 HONDO AVE, LOS ANGELES, CA 90061. Full name of registrant(s) is (are) JULIO OSWALDO NAVICHOC MARTINEZ. This Business is conducted by: AN INDIVIDUAL. Signed: JULIO OSWALDO NAVICHOC MARTINEZ. This statement was filed with the County Clerk of Los Angeles County on 10/16/19. Dates Pub: NOV 02, 09, 16, 23, 2019

FICTITIOUS BUSINESS NAME STATEMENT

File No. 2019-281172 The following person(s) is (are) doing business as: LA TACON EL REVIVIR, 1088 W 59TH ST APT 2 LOS ANGELES, CA 90037. Full name of registrant(s) is (are) WILBER ANTONIO LOPEZ MARTINEZ. This Business is conducted by: A GENERAL PARTNERSHIP. Signed: ANA MARELU CONDE. Dates Pub: NOV 02, 09, 16, 23, 2019

FICTITIOUS BUSINESS NAME STATEMENT

File No. 2019-284153 The following person(s) is (are) doing business as: LA MICHOACANA HELADOS Y PALETAS # 2, 485 W HOLT AVE # C, POMONA, CA 91768. Full name of registrant(s) is (are) MONICA CLARIN LLC. This Business is conducted by: A LIMITED LIABILITY COMPANY. Signed: MONICA CLARIN. Dates Pub: NOV 02, 09, 16, 23, 2019

FICTITIOUS BUSINESS NAME STATEMENT

File No. 2019-279645 The following person(s) is (are) doing business as: ONE STOP DENTAL, 1836 FIRESTONE BLVD SUITE E LOS ANGELES, CA 90001. Full name of registrant(s) is (are) ANIBAL AGUIRRE FERNANDEZ. This Business is conducted by: AN INDIVIDUAL. Signed: ANIBAL AGUIRRE FERNANDEZ. Dates Pub: NOV 02, 09, 16, 23, 2019

FICTITIOUS BUSINESS NAME STATEMENT

File No. 2019-281150 The following person(s) is (are) doing business as: LOS CUATRO HERMANOS, 3916 PACIFIC BLVD HUNTINGTON PARK, CA 90255. Full name of registrant(s) is (are) HEIDA ALICIA CALDERON LINARES. This Business is conducted by: AN INDIVIDUAL. Signed: HEIDA ALICIA CALDERON LINARES. Dates Pub: NOV 02, 09, 16, 23, 2019

FICTITIOUS BUSINESS NAME STATEMENT

File No. 2019-281608 The following person(s) is (are) doing business as: MARGARITA CUSTOM, 3211 WEST 28TH ST APT 15, LOS ANGELES, CA 90018. Full name of registrant(s) is (are) MARGARITA CUSTOM LLC. This Business is conducted by: A LIMITED LIABILITY COMPANY. Signed: RODOLFO ELOEZA. Dates Pub: NOV 02, 09, 16, 23, 2019

FICTITIOUS BUSINESS NAME STATEMENT

File No. 2019-278898 The following person(s) is (are) doing business as: MARVIN'S ELECTRICAL SERVICES, 5838 MULLER ST BELL GARDENS, CA 90201. Full name of registrant(s) is (are) MARVIN GEOVANNY PAZ BARDALES. This Business is conducted by: AN INDIVIDUAL. Signed: MARVIN GEOVANNY PAZ BARDALES. Dates Pub: NOV 02, 09, 16, 23, 2019

FICTITIOUS BUSINESS NAME STATEMENT

File No. 2019-280869 The following person(s) is (are) doing business as: MASTERKRAFT INTERIORS, WILLIAM HENNERTY BRISSON, 1195 BAYWOOD DR, CORONA, CA 92881. Full name of registrant(s) is (are) WILLIAM DAVID LENNERTY. This Business is conducted by: AN INDIVIDUAL. Signed: WILLIAM DAVID LENNERTY. Dates Pub: NOV 02, 09, 16, 23, 2019

FICTITIOUS BUSINESS NAME STATEMENT

File No. 2019-280011 The following person(s) is (are) doing business as: MOSCOW-L, 1437 N. ISHLESTON AVE, PASADENA, CA 91104. Full name of registrant(s) is (are) EARLENE JANE MOORE. This Business is conducted by: AN INDIVIDUAL. Signed: EARLENE JANE MOORE. Dates Pub: NOV 02, 09, 16, 23, 2019

FICTITIOUS BUSINESS NAME STATEMENT

File No. 2019-281271 The following person(s) is (are) doing business as: MRDM BRONCO GROUP, 9131 WEST 17TH ST APT 6 CHILL HOLL 11E1 LOS ANGELES, CA 90001.

Mountain Views News 80 W Sierra Madre Blvd. No. 327 Sierra Madre, Ca. 91024 Office: 626.355.2737 Fax: 626.609.3285 Email: editor@mtnviewsnews.com Website: www.mtnviewsnews.com
